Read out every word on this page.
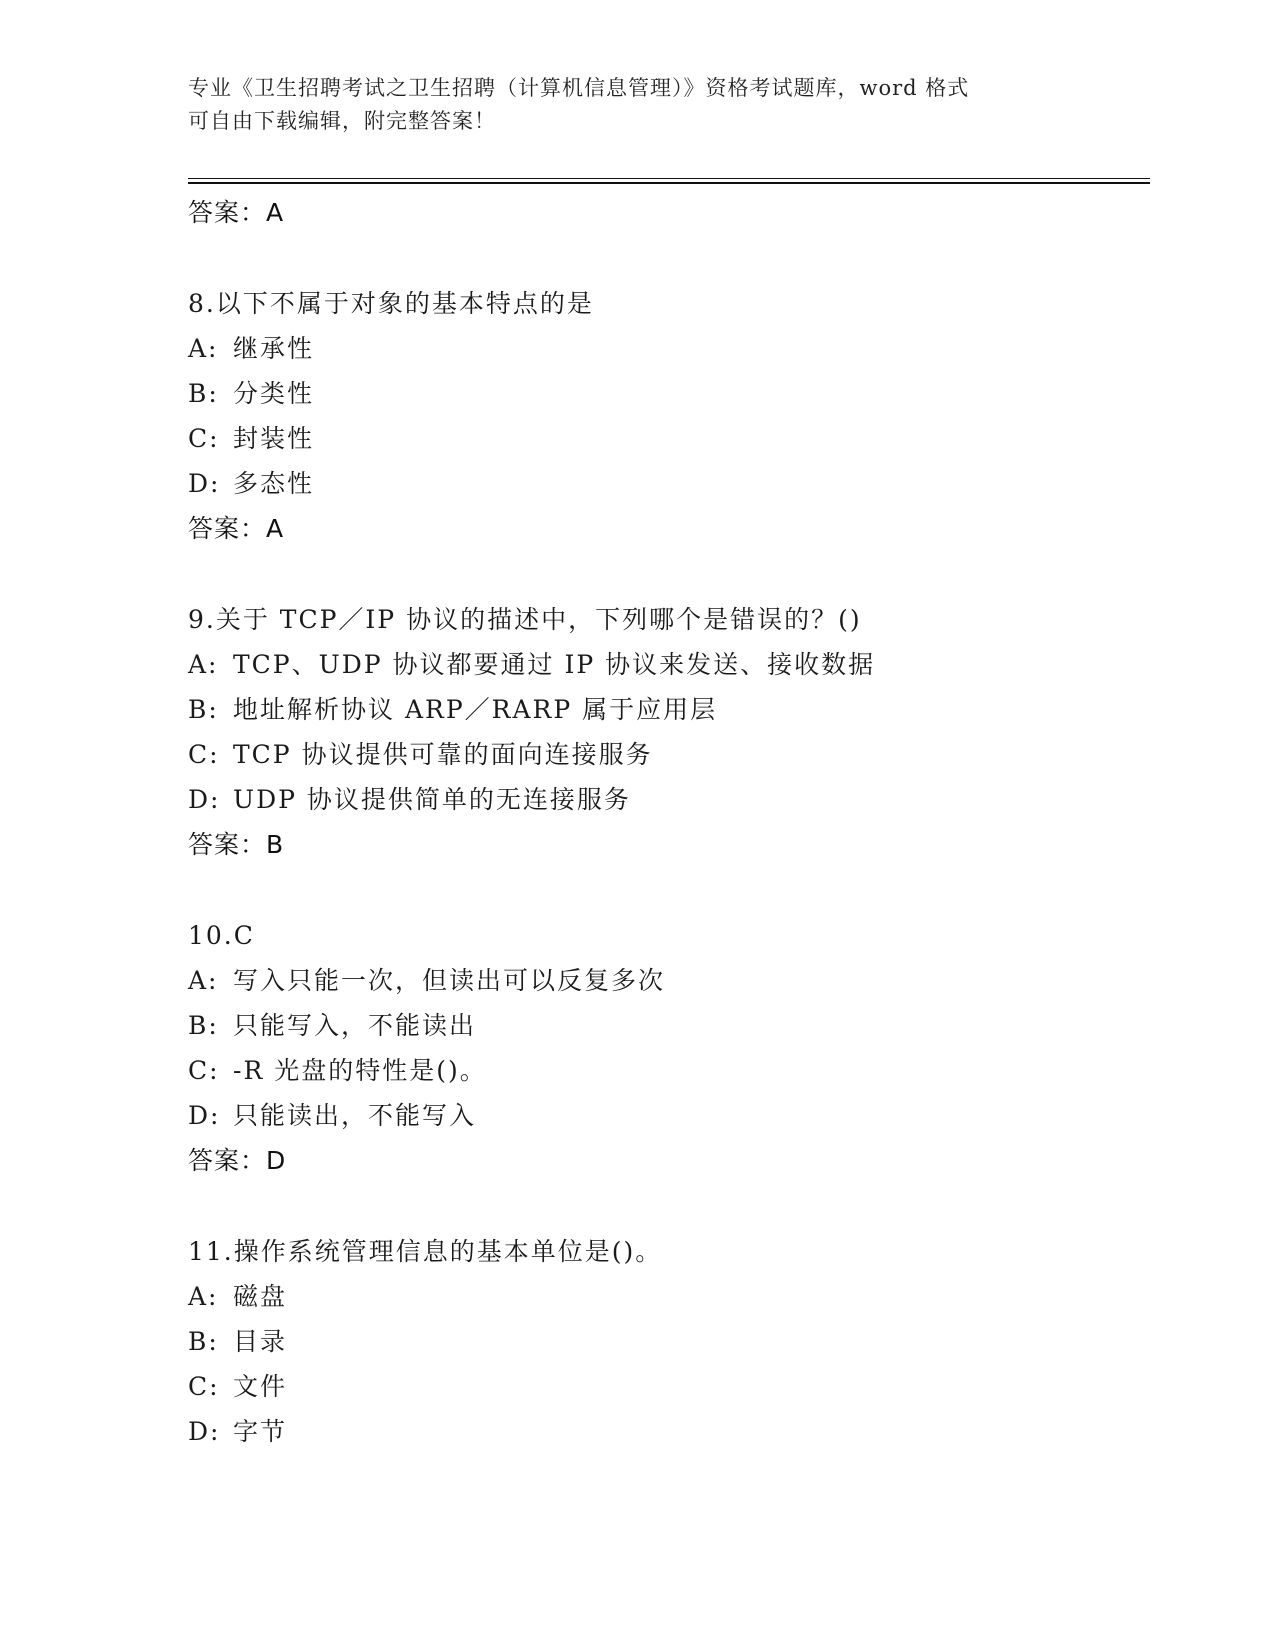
专业《卫生招聘考试之卫生招聘（计算机信息管理）》资格考试题库，word 格式
可自由下载编辑，附完整答案！
答案：A
8.以下不属于对象的基本特点的是
A: 继承性
B: 分类性
C: 封装性
D: 多态性
答案：A
9.关于 TCP／IP 协议的描述中，下列哪个是错误的？()
A: TCP、UDP 协议都要通过 IP 协议来发送、接收数据
B: 地址解析协议 ARP／RARP 属于应用层
C: TCP 协议提供可靠的面向连接服务
D: UDP 协议提供简单的无连接服务
答案：B
10.C
A: 写入只能一次，但读出可以反复多次
B: 只能写入，不能读出
C: -R 光盘的特性是()。
D: 只能读出，不能写入
答案：D
11.操作系统管理信息的基本单位是()。
A: 磁盘
B: 目录
C: 文件
D: 字节
